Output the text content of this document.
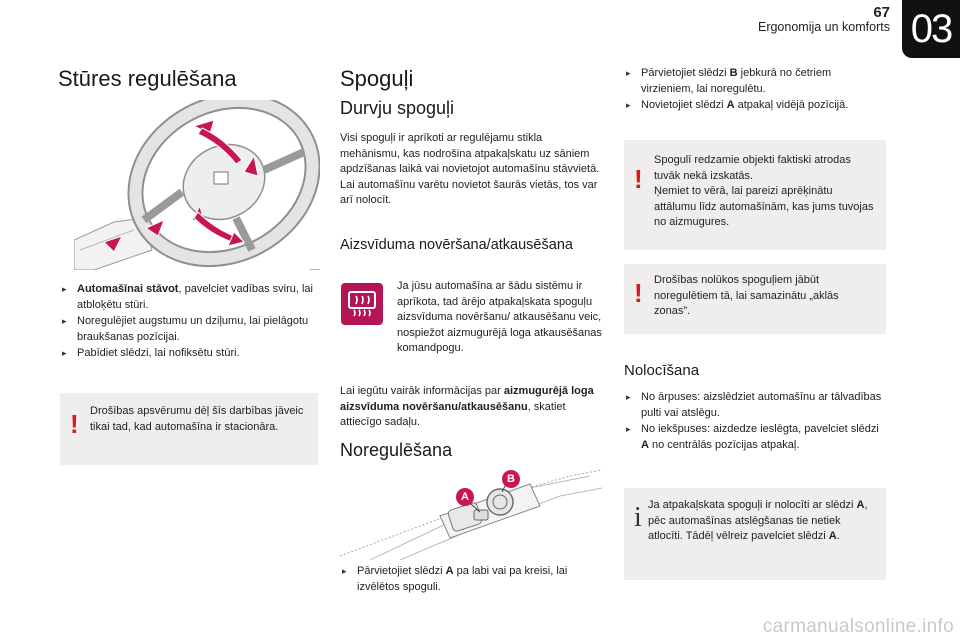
67
Ergonomija un komforts 03
Stūres regulēšana
▸ Automašīnai stāvot, pavelciet vadības sviru, lai atbloķētu stūri.
▸ Noregulējiet augstumu un dziļumu, lai pielāgotu braukšanas pozīcijai.
▸ Pabīdiet slēdzi, lai nofiksētu stūri.
! Drošības apsvērumu dēļ šīs darbības jāveic tikai tad, kad automašīna ir stacionāra.
Spoguļi
Durvju spoguļi
Visi spoguļi ir aprīkoti ar regulējamu stikla mehānismu, kas nodrošina atpakaļskatu uz sāniem apdzīšanas laikā vai novietojot automašīnu stāvvietā.
Lai automašīnu varētu novietot šaurās vietās, tos var arī nolocīt.
Aizsvīduma novēršana/atkausēšana
Ja jūsu automašīna ar šādu sistēmu ir aprīkota, tad ārējo atpakaļskata spoguļu aizsvīduma novēršanu/ atkausēšanu veic, nospiežot aizmugurējā loga atkausēšanas komandpogu.
Lai iegūtu vairāk informācijas par aizmugurējā loga aizsvīduma novēršanu/atkausēšanu, skatiet attiecīgo sadaļu.
Noregulēšana
A
B
▸ Pārvietojiet slēdzi A pa labi vai pa kreisi, lai izvēlētos spoguli.
▸ Pārvietojiet slēdzi B jebkurā no četriem virzieniem, lai noregulētu.
▸ Novietojiet slēdzi A atpakaļ vidējā pozīcijā.
!
Spogulī redzamie objekti faktiski atrodas tuvāk nekā izskatās.
Ņemiet to vērā, lai pareizi aprēķinātu attālumu līdz automašīnām, kas jums tuvojas no aizmugures.
! Drošības nolūkos spoguļiem jābūt noregulētiem tā, lai samazinātu „aklās zonas”.
Nolocīšana
▸ No ārpuses: aizslēdziet automašīnu ar tālvadības pulti vai atslēgu.
▸ No iekšpuses: aizdedze ieslēgta, pavelciet slēdzi A no centrālās pozīcijas atpakaļ.
i Ja atpakaļskata spoguļi ir nolocīti ar slēdzi A, pēc automašīnas atslēgšanas tie netiek atlocīti. Tādēļ vēlreiz pavelciet slēdzi A.
carmanualsonline.info
